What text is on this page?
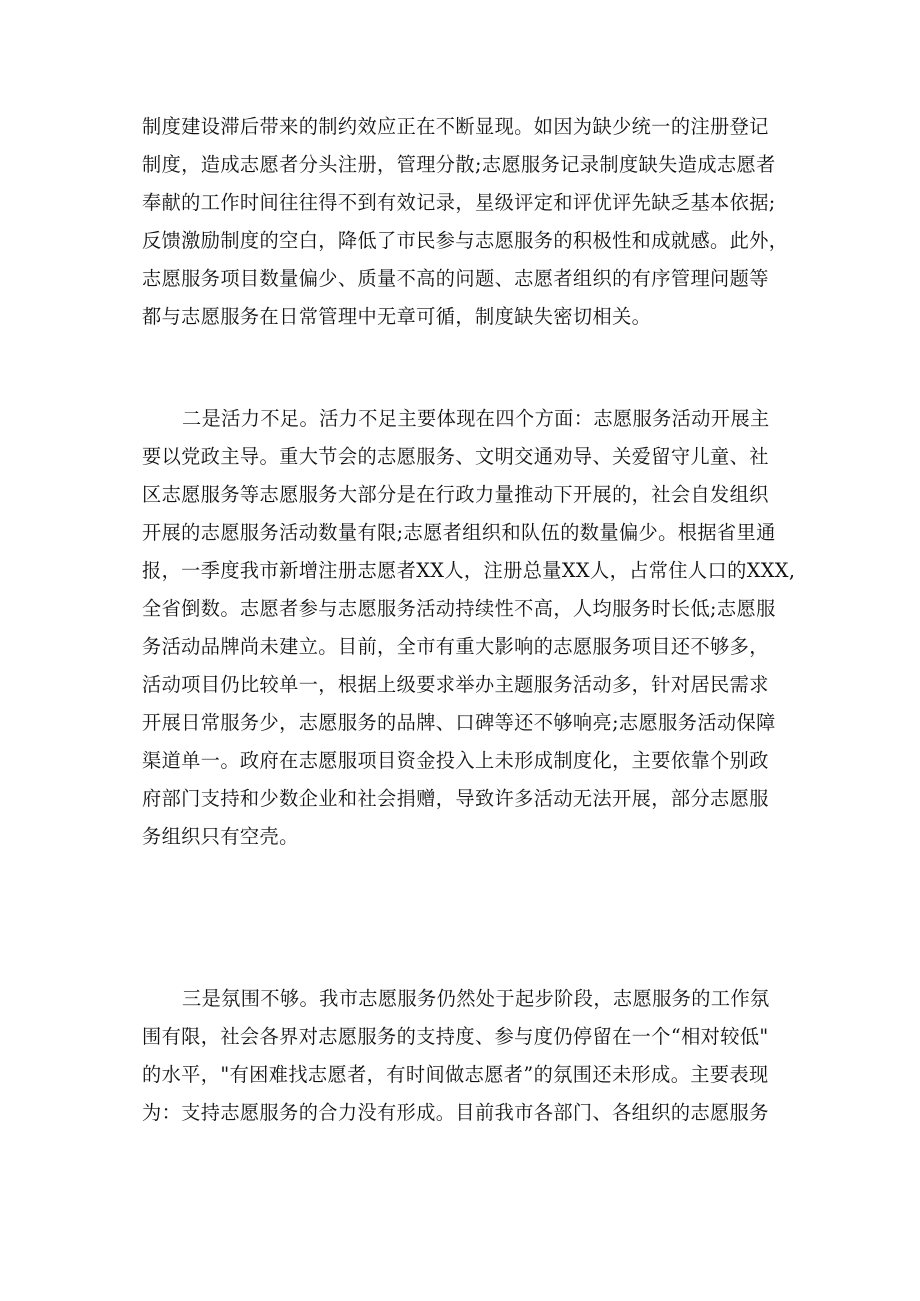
制度建设滞后带来的制约效应正在不断显现。如因为缺少统一的注册登记
制度，造成志愿者分头注册，管理分散;志愿服务记录制度缺失造成志愿者
奉献的工作时间往往得不到有效记录，星级评定和评优评先缺乏基本依据;
反馈激励制度的空白，降低了市民参与志愿服务的积极性和成就感。此外，
志愿服务项目数量偏少、质量不高的问题、志愿者组织的有序管理问题等
都与志愿服务在日常管理中无章可循，制度缺失密切相关。
二是活力不足。活力不足主要体现在四个方面：志愿服务活动开展主
要以党政主导。重大节会的志愿服务、文明交通劝导、关爱留守儿童、社
区志愿服务等志愿服务大部分是在行政力量推动下开展的，社会自发组织
开展的志愿服务活动数量有限;志愿者组织和队伍的数量偏少。根据省里通
报，一季度我市新增注册志愿者XX人，注册总量XX人，占常住人口的XXX,
全省倒数。志愿者参与志愿服务活动持续性不高，人均服务时长低;志愿服
务活动品牌尚未建立。目前，全市有重大影响的志愿服务项目还不够多，
活动项目仍比较单一，根据上级要求举办主题服务活动多，针对居民需求
开展日常服务少，志愿服务的品牌、口碑等还不够响亮;志愿服务活动保障
渠道单一。政府在志愿服项目资金投入上未形成制度化，主要依靠个别政
府部门支持和少数企业和社会捐赠，导致许多活动无法开展，部分志愿服
务组织只有空壳。
三是氛围不够。我市志愿服务仍然处于起步阶段，志愿服务的工作氛
围有限，社会各界对志愿服务的支持度、参与度仍停留在一个“相对较低"
的水平，"有困难找志愿者，有时间做志愿者”的氛围还未形成。主要表现
为：支持志愿服务的合力没有形成。目前我市各部门、各组织的志愿服务
